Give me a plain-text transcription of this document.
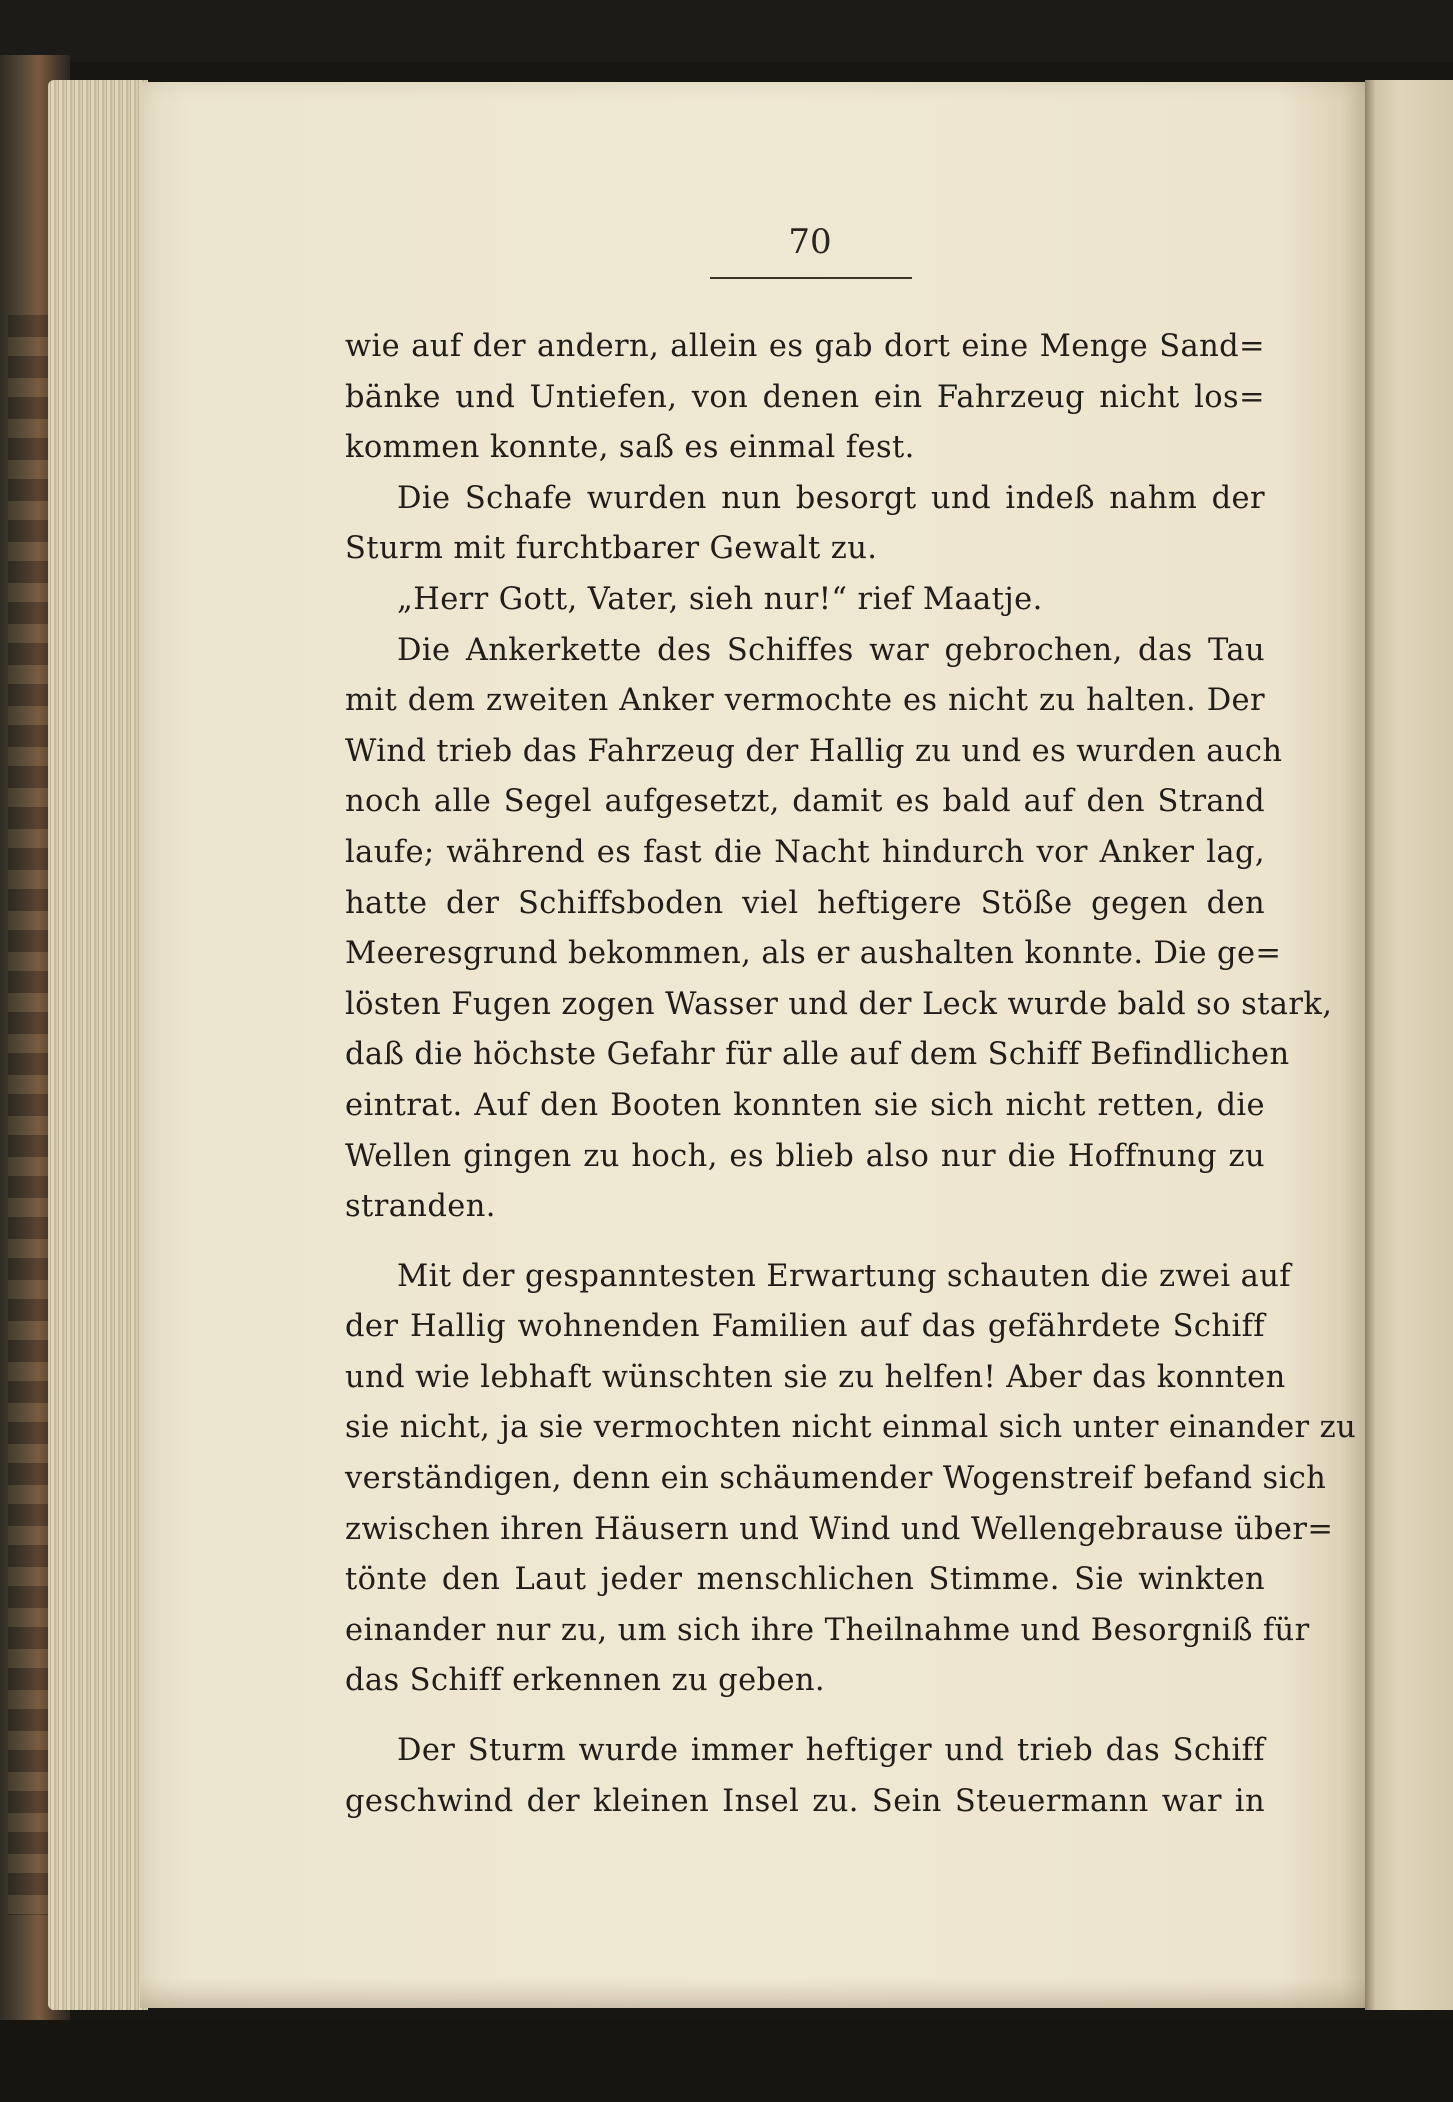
70
wie auf der andern, allein es gab dort eine Menge Sand=
bänke und Untiefen, von denen ein Fahrzeug nicht los=
kommen konnte, saß es einmal fest.
Die Schafe wurden nun besorgt und indeß nahm der
Sturm mit furchtbarer Gewalt zu.
„Herr Gott, Vater, sieh nur!“ rief Maatje.
Die Ankerkette des Schiffes war gebrochen, das Tau
mit dem zweiten Anker vermochte es nicht zu halten. Der
Wind trieb das Fahrzeug der Hallig zu und es wurden auch
noch alle Segel aufgesetzt, damit es bald auf den Strand
laufe; während es fast die Nacht hindurch vor Anker lag,
hatte der Schiffsboden viel heftigere Stöße gegen den
Meeresgrund bekommen, als er aushalten konnte. Die ge=
lösten Fugen zogen Wasser und der Leck wurde bald so stark,
daß die höchste Gefahr für alle auf dem Schiff Befindlichen
eintrat. Auf den Booten konnten sie sich nicht retten, die
Wellen gingen zu hoch, es blieb also nur die Hoffnung zu
stranden.
Mit der gespanntesten Erwartung schauten die zwei auf
der Hallig wohnenden Familien auf das gefährdete Schiff
und wie lebhaft wünschten sie zu helfen! Aber das konnten
sie nicht, ja sie vermochten nicht einmal sich unter einander zu
verständigen, denn ein schäumender Wogenstreif befand sich
zwischen ihren Häusern und Wind und Wellengebrause über=
tönte den Laut jeder menschlichen Stimme. Sie winkten
einander nur zu, um sich ihre Theilnahme und Besorgniß für
das Schiff erkennen zu geben.
Der Sturm wurde immer heftiger und trieb das Schiff
geschwind der kleinen Insel zu. Sein Steuermann war in
